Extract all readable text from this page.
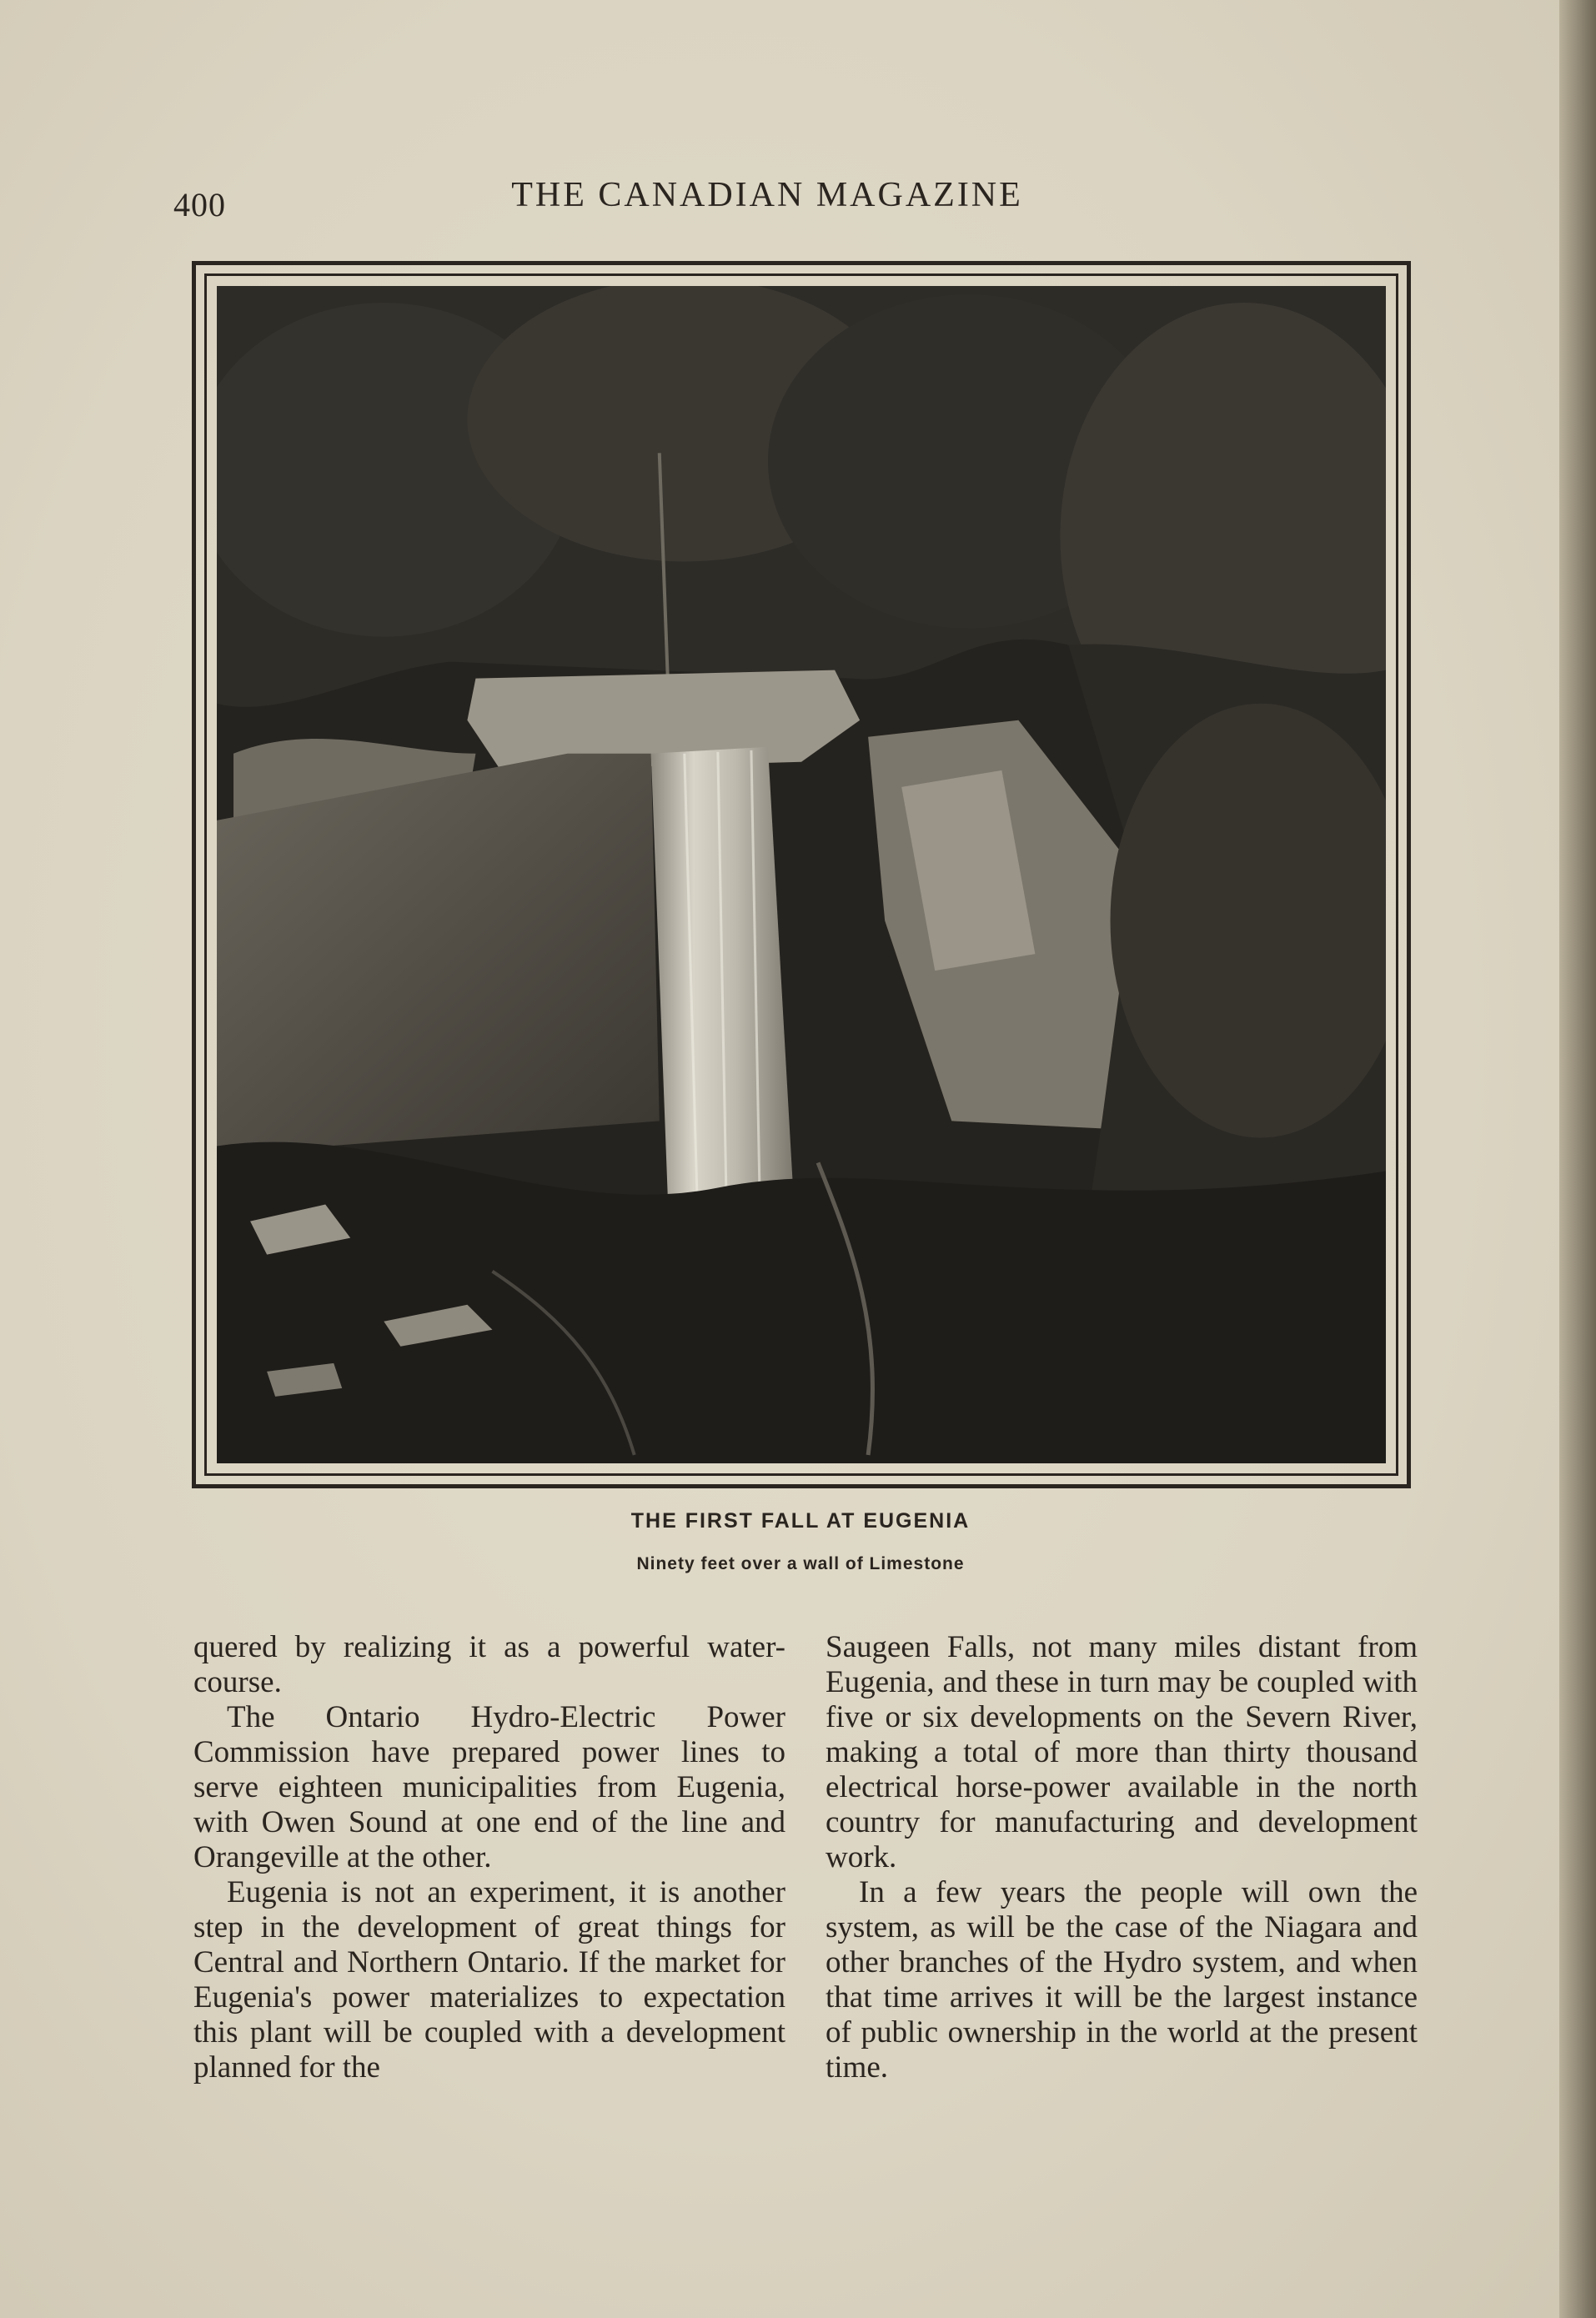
400	THE CANADIAN MAGAZINE
THE FIRST FALL AT EUGENIA
Ninety feet over a wall of Limestone

quered by realizing it as a powerful water-course.

The Ontario Hydro-Electric Power Commission have prepared power lines to serve eighteen municipalities from Eugenia, with Owen Sound at one end of the line and Orangeville at the other.

Eugenia is not an experiment, it is another step in the development of great things for Central and Northern Ontario. If the market for Eugenia's power materializes to expectation this plant will be coupled with a development planned for the

Saugeen Falls, not many miles distant from Eugenia, and these in turn may be coupled with five or six developments on the Severn River, making a total of more than thirty thousand electrical horse-power available in the north country for manufacturing and development work.

In a few years the people will own the system, as will be the case of the Niagara and other branches of the Hydro system, and when that time arrives it will be the largest instance of public ownership in the world at the present time.
